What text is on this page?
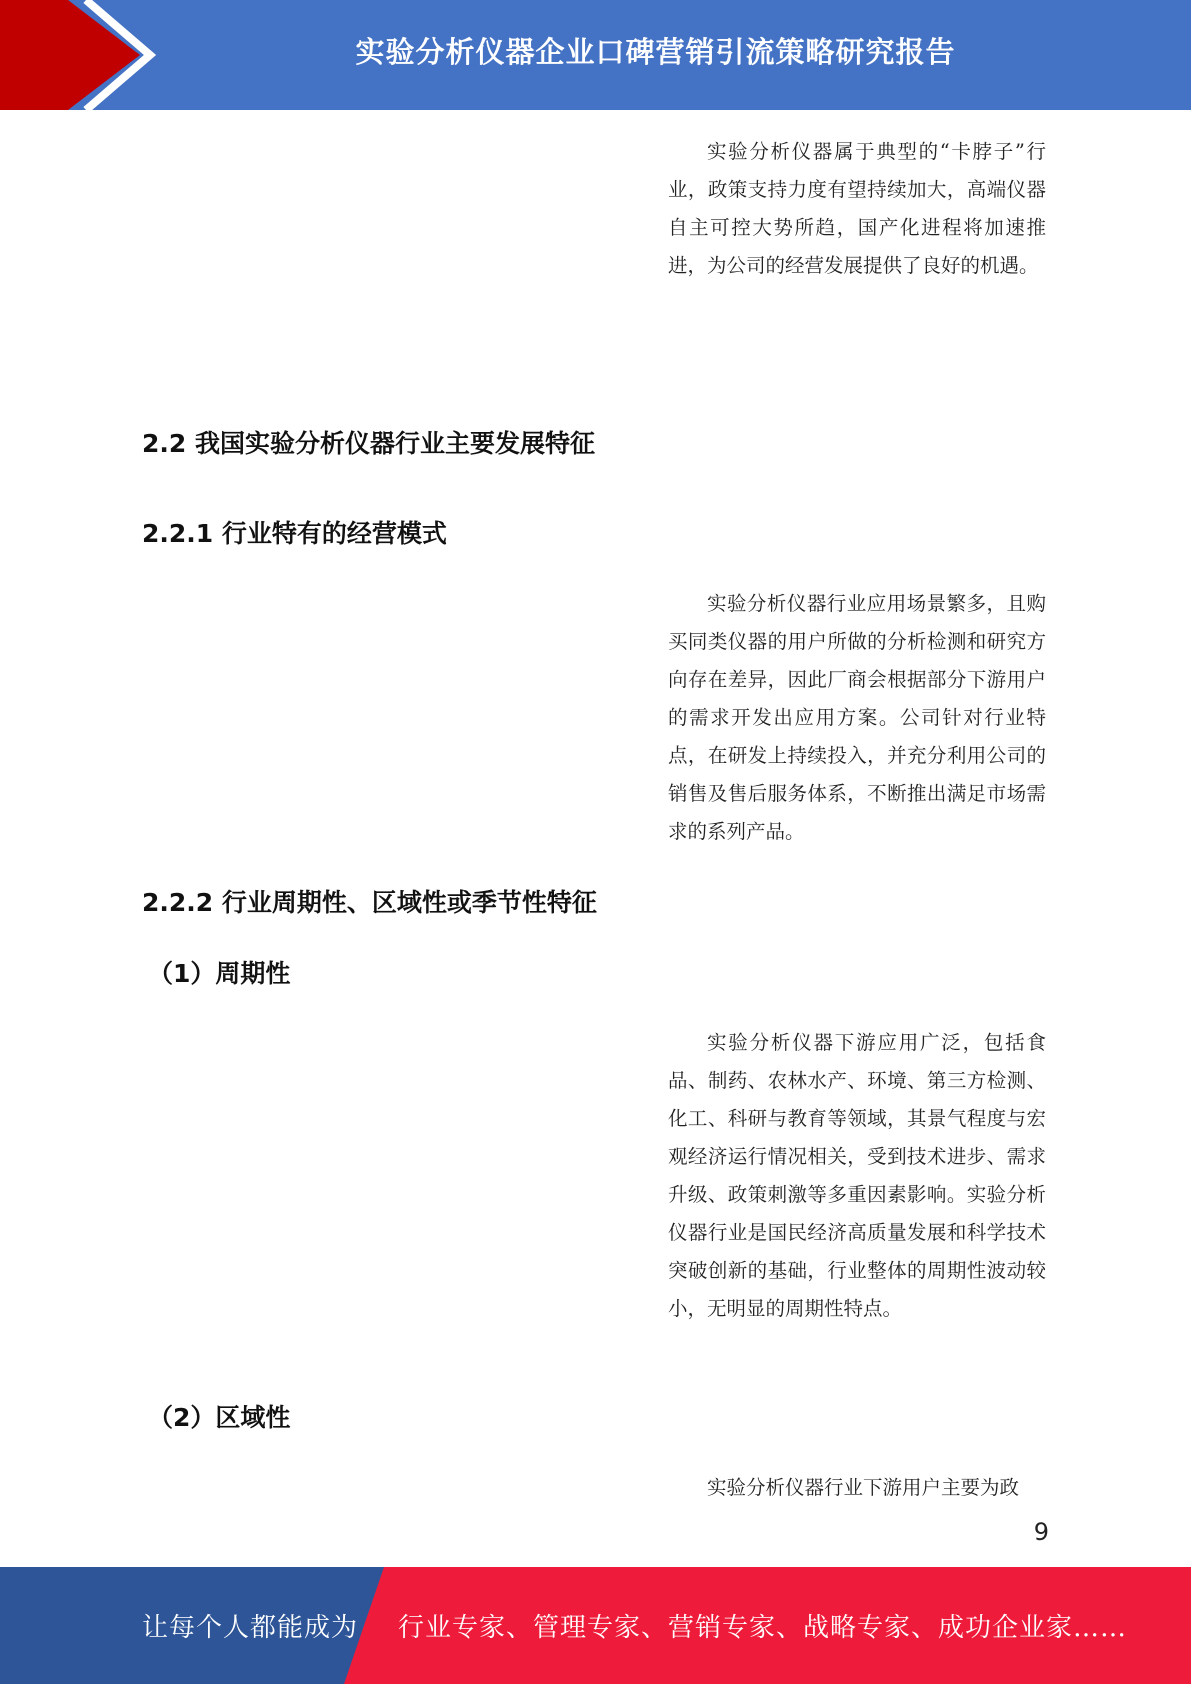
实验分析仪器企业口碑营销引流策略研究报告
实验分析仪器属于典型的“卡脖子”行业，政策支持力度有望持续加大，高端仪器自主可控大势所趋，国产化进程将加速推进，为公司的经营发展提供了良好的机遇。
2.2 我国实验分析仪器行业主要发展特征
2.2.1 行业特有的经营模式
实验分析仪器行业应用场景繁多，且购买同类仪器的用户所做的分析检测和研究方向存在差异，因此厂商会根据部分下游用户的需求开发出应用方案。公司针对行业特点，在研发上持续投入，并充分利用公司的销售及售后服务体系，不断推出满足市场需求的系列产品。
2.2.2 行业周期性、区域性或季节性特征
（1）周期性
实验分析仪器下游应用广泛，包括食品、制药、农林水产、环境、第三方检测、化工、科研与教育等领域，其景气程度与宏观经济运行情况相关，受到技术进步、需求升级、政策刺激等多重因素影响。实验分析仪器行业是国民经济高质量发展和科学技术突破创新的基础，行业整体的周期性波动较小，无明显的周期性特点。
（2）区域性
实验分析仪器行业下游用户主要为政
9
让每个人都能成为 行业专家、管理专家、营销专家、战略专家、成功企业家……
